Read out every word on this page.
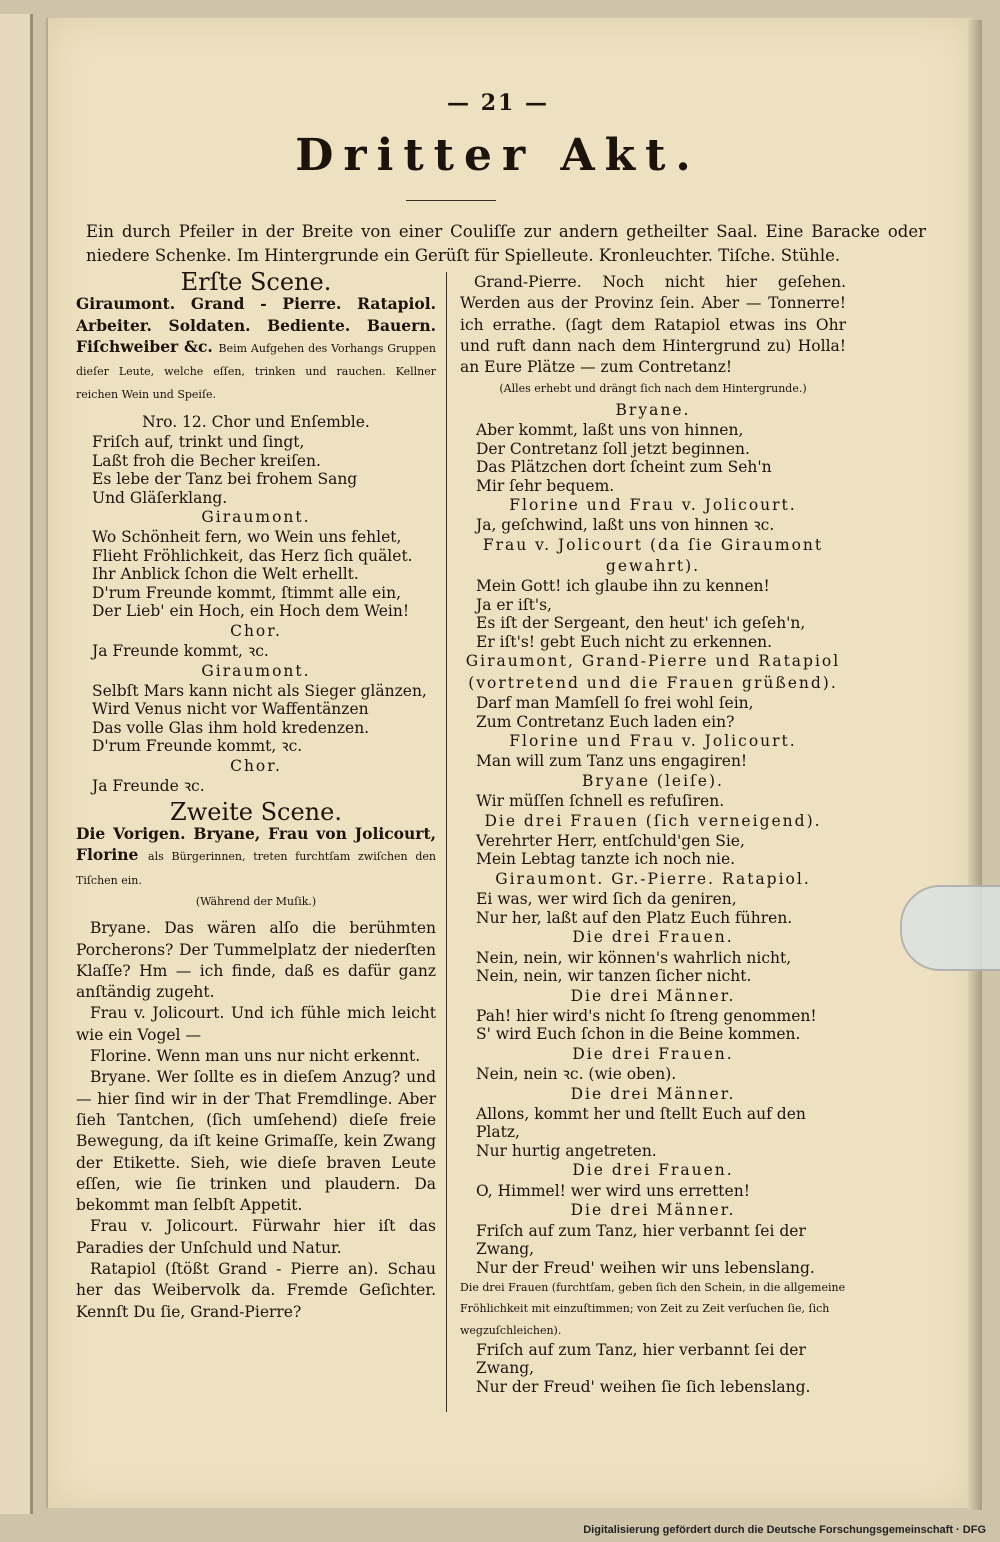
— 21 —
Dritter Akt.
Ein durch Pfeiler in der Breite von einer Couliſſe zur andern getheilter Saal. Eine Baracke oder niedere Schenke. Im Hintergrunde ein Gerüſt für Spielleute. Kronleuchter. Tiſche. Stühle.

Erſte Scene.

Giraumont. Grand - Pierre. Ratapiol. Arbeiter. Soldaten. Bediente. Bauern. Fiſchweiber &c. Beim Aufgehen des Vorhangs Gruppen dieſer Leute, welche eſſen, trinken und rauchen. Kellner reichen Wein und Speiſe.

Nro. 12. Chor und Enſemble.

Friſch auf, trinkt und ſingt,

Laßt froh die Becher kreiſen.

Es lebe der Tanz bei frohem Sang

Und Gläſerklang.

Giraumont.

Wo Schönheit fern, wo Wein uns fehlet,

Flieht Fröhlichkeit, das Herz ſich quälet.

Ihr Anblick ſchon die Welt erhellt.

D'rum Freunde kommt, ſtimmt alle ein,

Der Lieb' ein Hoch, ein Hoch dem Wein!

Chor.

Ja Freunde kommt, ꝛc.

Giraumont.

Selbſt Mars kann nicht als Sieger glänzen,

Wird Venus nicht vor Waffentänzen

Das volle Glas ihm hold kredenzen.

D'rum Freunde kommt, ꝛc.

Chor.

Ja Freunde ꝛc.

Zweite Scene.

Die Vorigen. Bryane, Frau von Jolicourt, Florine als Bürgerinnen, treten furchtſam zwiſchen den Tiſchen ein.

(Während der Muſik.)

Bryane. Das wären alſo die berühmten Porcherons? Der Tummelplatz der niederſten Klaſſe? Hm — ich finde, daß es dafür ganz anſtändig zugeht.

Frau v. Jolicourt. Und ich fühle mich leicht wie ein Vogel —

Florine. Wenn man uns nur nicht erkennt.

Bryane. Wer ſollte es in dieſem Anzug? und — hier ſind wir in der That Fremdlinge. Aber ſieh Tantchen, (ſich umſehend) dieſe freie Bewegung, da iſt keine Grimaſſe, kein Zwang der Etikette. Sieh, wie dieſe braven Leute eſſen, wie ſie trinken und plaudern. Da bekommt man ſelbſt Appetit.

Frau v. Jolicourt. Fürwahr hier iſt das Paradies der Unſchuld und Natur.

Ratapiol (ſtößt Grand - Pierre an). Schau her das Weibervolk da. Fremde Geſichter. Kennſt Du ſie, Grand-Pierre?

Grand-Pierre. Noch nicht hier geſehen. Werden aus der Provinz ſein. Aber — Tonnerre! ich errathe. (ſagt dem Ratapiol etwas ins Ohr und ruft dann nach dem Hintergrund zu) Holla! an Eure Plätze — zum Contretanz!

(Alles erhebt und drängt ſich nach dem Hintergrunde.)

Bryane.

Aber kommt, laßt uns von hinnen,

Der Contretanz ſoll jetzt beginnen.

Das Plätzchen dort ſcheint zum Seh'n

Mir ſehr bequem.

Florine und Frau v. Jolicourt.

Ja, geſchwind, laßt uns von hinnen ꝛc.

Frau v. Jolicourt (da ſie Giraumont gewahrt).

Mein Gott! ich glaube ihn zu kennen!

Ja er iſt's,

Es iſt der Sergeant, den heut' ich geſeh'n,

Er iſt's! gebt Euch nicht zu erkennen.

Giraumont, Grand-Pierre und Ratapiol (vortretend und die Frauen grüßend).

Darf man Mamſell ſo frei wohl ſein,

Zum Contretanz Euch laden ein?

Florine und Frau v. Jolicourt.

Man will zum Tanz uns engagiren!

Bryane (leiſe).

Wir müſſen ſchnell es refuſiren.

Die drei Frauen (ſich verneigend).

Verehrter Herr, entſchuld'gen Sie,

Mein Lebtag tanzte ich noch nie.

Giraumont. Gr.-Pierre. Ratapiol.

Ei was, wer wird ſich da geniren,

Nur her, laßt auf den Platz Euch führen.

Die drei Frauen.

Nein, nein, wir können's wahrlich nicht,

Nein, nein, wir tanzen ſicher nicht.

Die drei Männer.

Pah! hier wird's nicht ſo ſtreng genommen!

S' wird Euch ſchon in die Beine kommen.

Die drei Frauen.

Nein, nein ꝛc. (wie oben).

Die drei Männer.

Allons, kommt her und ſtellt Euch auf den Platz,

Nur hurtig angetreten.

Die drei Frauen.

O, Himmel! wer wird uns erretten!

Die drei Männer.

Friſch auf zum Tanz, hier verbannt ſei der Zwang,

Nur der Freud' weihen wir uns lebenslang.

Die drei Frauen (furchtſam, geben ſich den Schein, in die allgemeine Fröhlichkeit mit einzuſtimmen; von Zeit zu Zeit verſuchen ſie, ſich wegzuſchleichen).

Friſch auf zum Tanz, hier verbannt ſei der Zwang,

Nur der Freud' weihen ſie ſich lebenslang.

Digitalisierung gefördert durch die Deutsche Forschungsgemeinschaft · DFG
